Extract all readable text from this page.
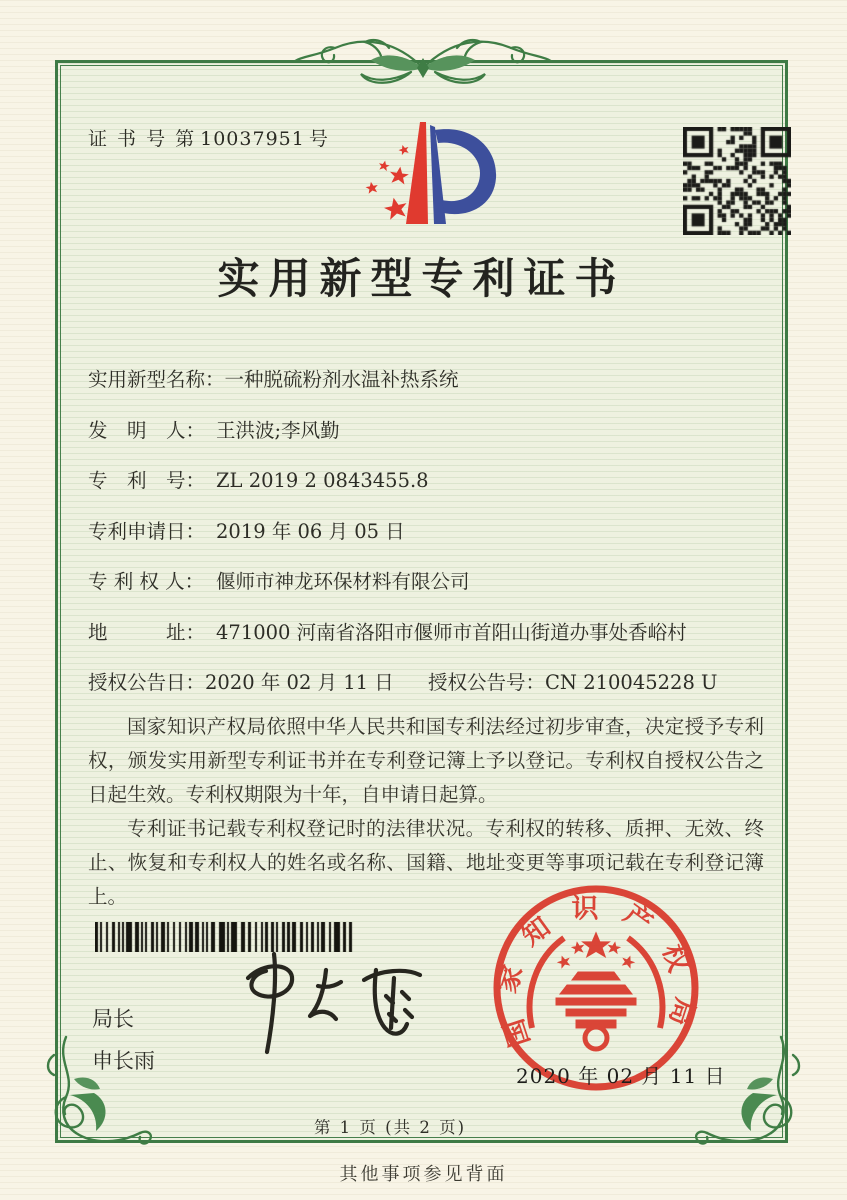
证 书 号 第 10037951 号
实用新型专利证书
实用新型名称： 一种脱硫粉剂水温补热系统
发　明　人： 王洪波;李风勤
专　利　号： ZL 2019 2 0843455.8
专利申请日： 2019 年 06 月 05 日
专 利 权 人： 偃师市神龙环保材料有限公司
地　　　址： 471000 河南省洛阳市偃师市首阳山街道办事处香峪村
授权公告日： 2020 年 02 月 11 日 授权公告号： CN 210045228 U

国家知识产权局依照中华人民共和国专利法经过初步审查，决定授予专利权，颁发实用新型专利证书并在专利登记簿上予以登记。专利权自授权公告之日起生效。专利权期限为十年，自申请日起算。

专利证书记载专利权登记时的法律状况。专利权的转移、质押、无效、终止、恢复和专利权人的姓名或名称、国籍、地址变更等事项记载在专利登记簿上。

局长
申长雨
国家知识产权局
2020 年 02 月 11 日
第 1 页 (共 2 页)
其他事项参见背面
